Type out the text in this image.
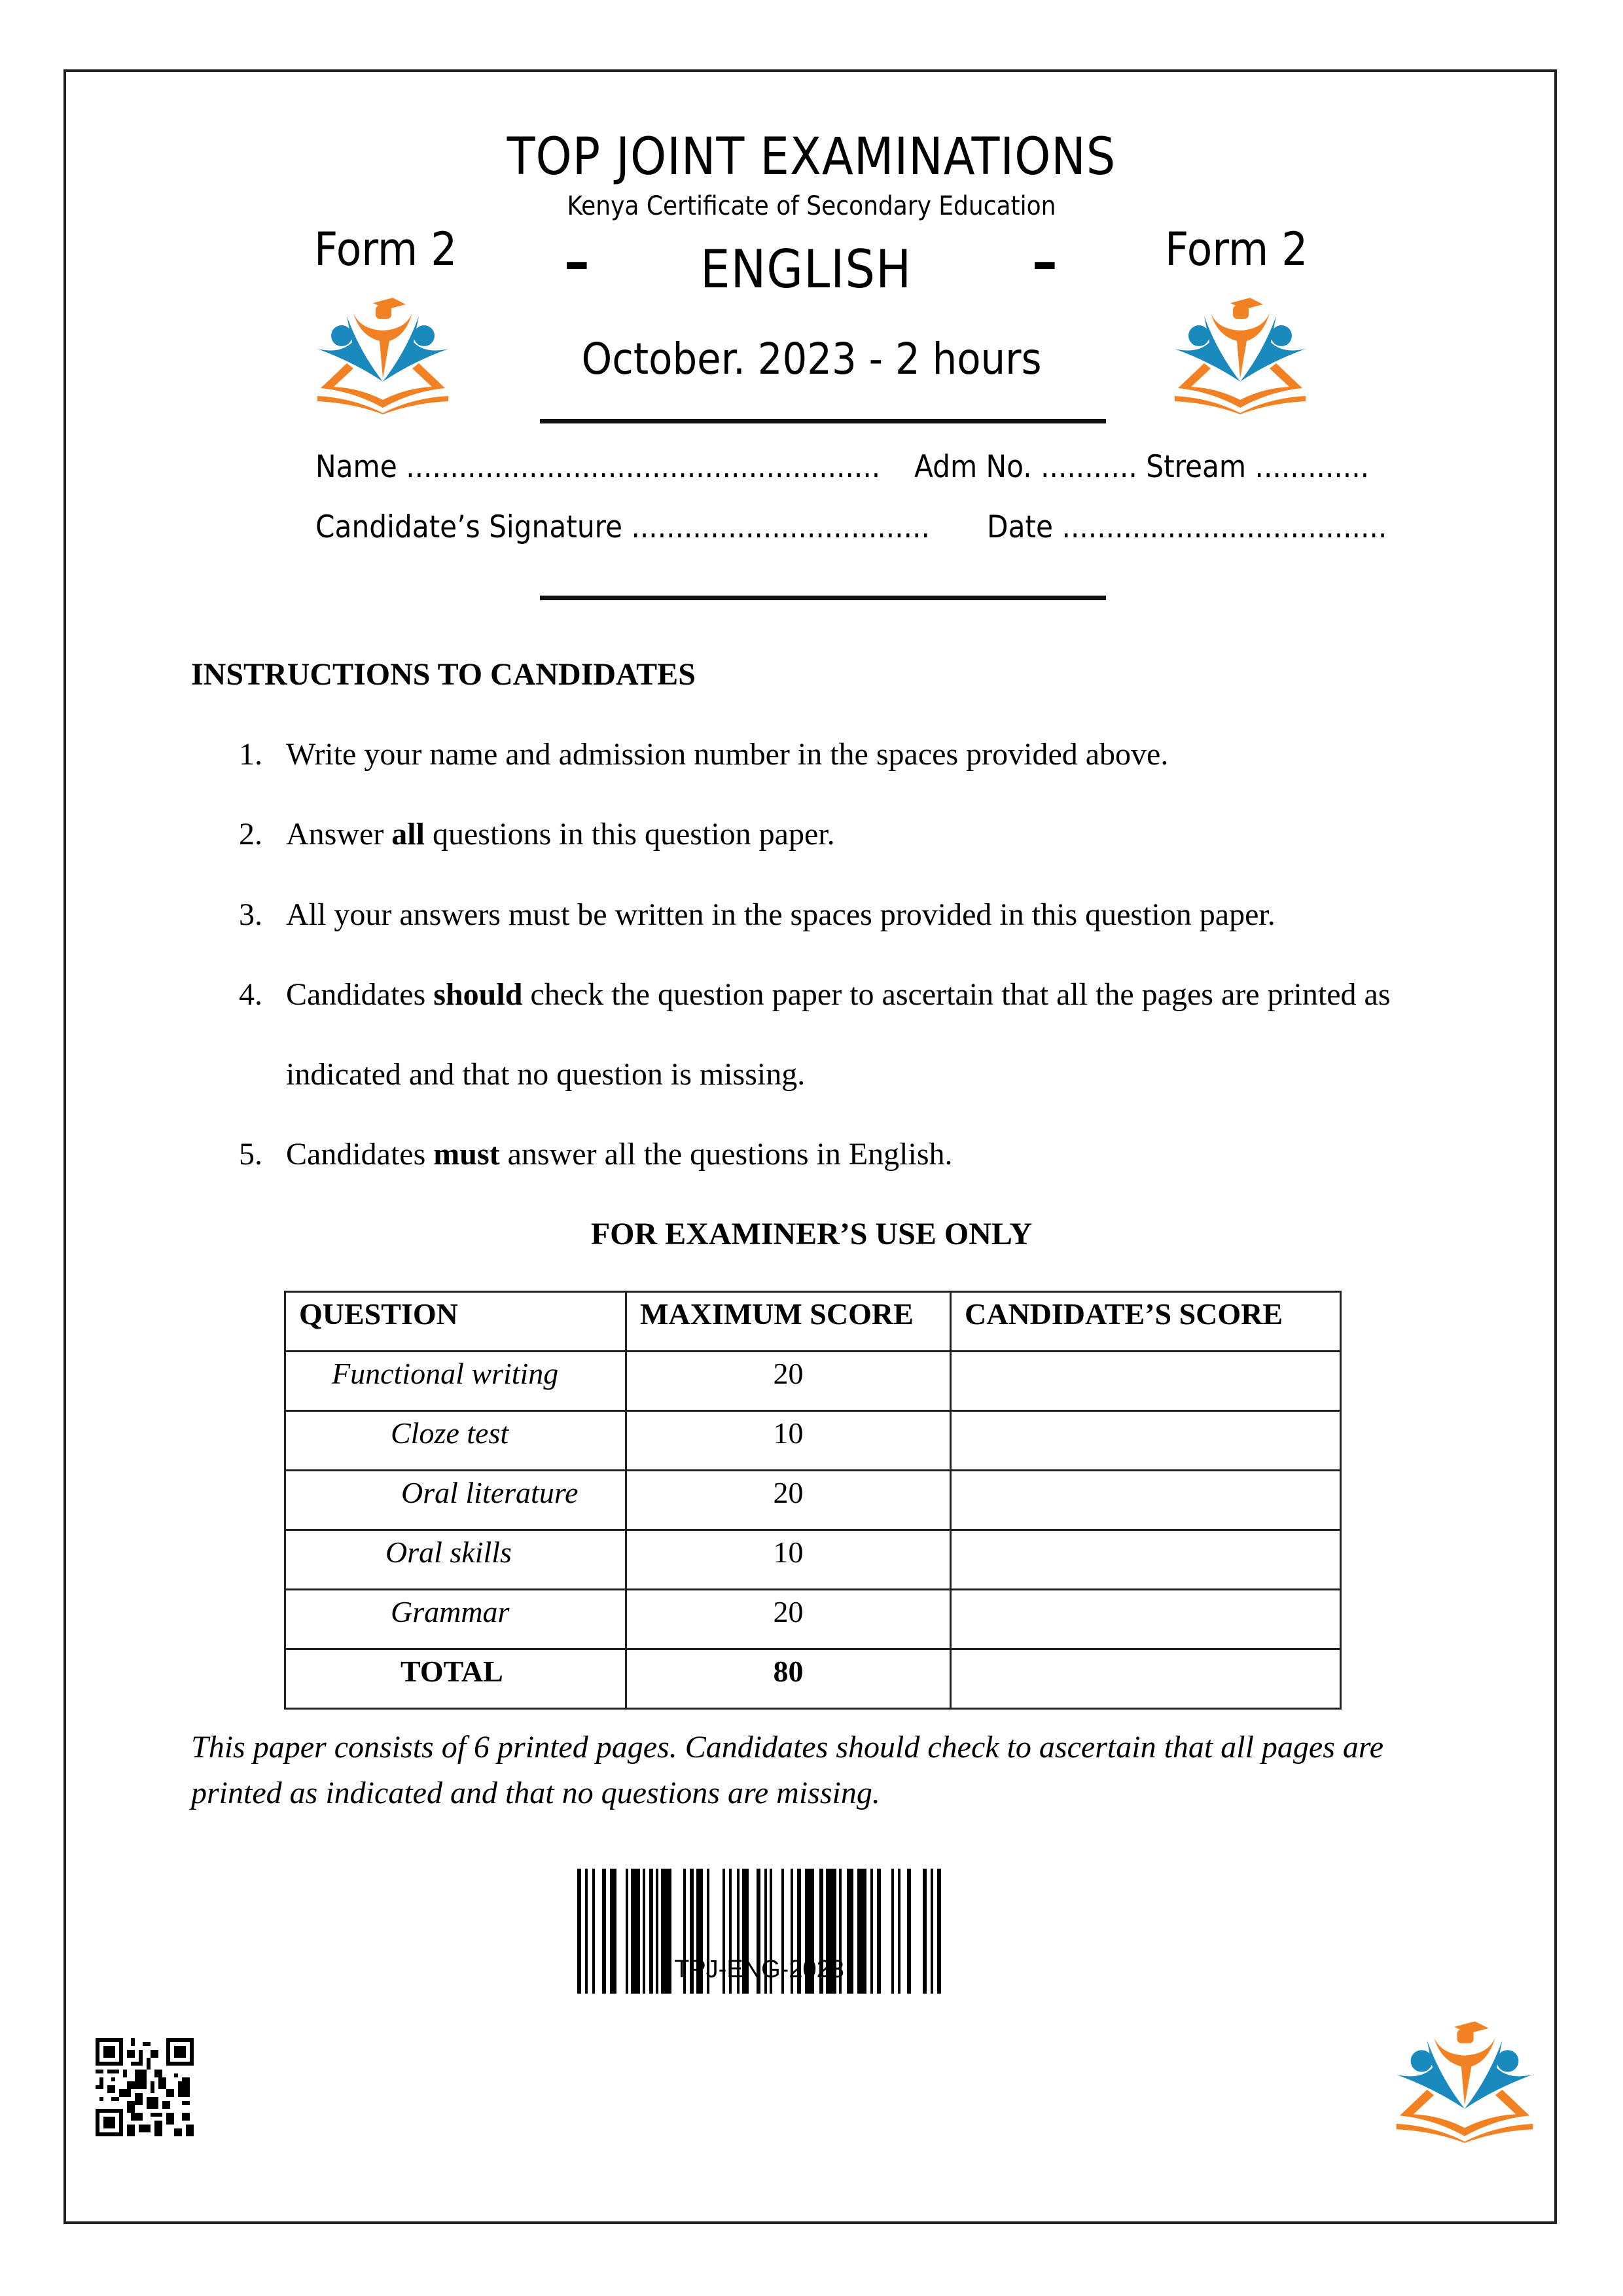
TOP JOINT EXAMINATIONS
Kenya Certificate of Secondary Education
Form 2	Form 2
– ENGLISH –
October. 2023 - 2 hours
Name ...................................................... Adm No. ........... Stream .............
Candidate’s Signature .................................. Date .....................................
INSTRUCTIONS TO CANDIDATES
1. Write your name and admission number in the spaces provided above.
2. Answer all questions in this question paper.
3. All your answers must be written in the spaces provided in this question paper.
4. Candidates should check the question paper to ascertain that all the pages are printed as
indicated and that no question is missing.
5. Candidates must answer all the questions in English.
FOR EXAMINER’S USE ONLY
QUESTION	MAXIMUM SCORE	CANDIDATE’S SCORE
Functional writing	20	
Cloze test	10	
Oral literature	20	
Oral skills	10	
Grammar	20	
TOTAL	80	
This paper consists of 6 printed pages. Candidates should check to ascertain that all pages are printed as indicated and that no questions are missing.
TPJ-ENG-2023
